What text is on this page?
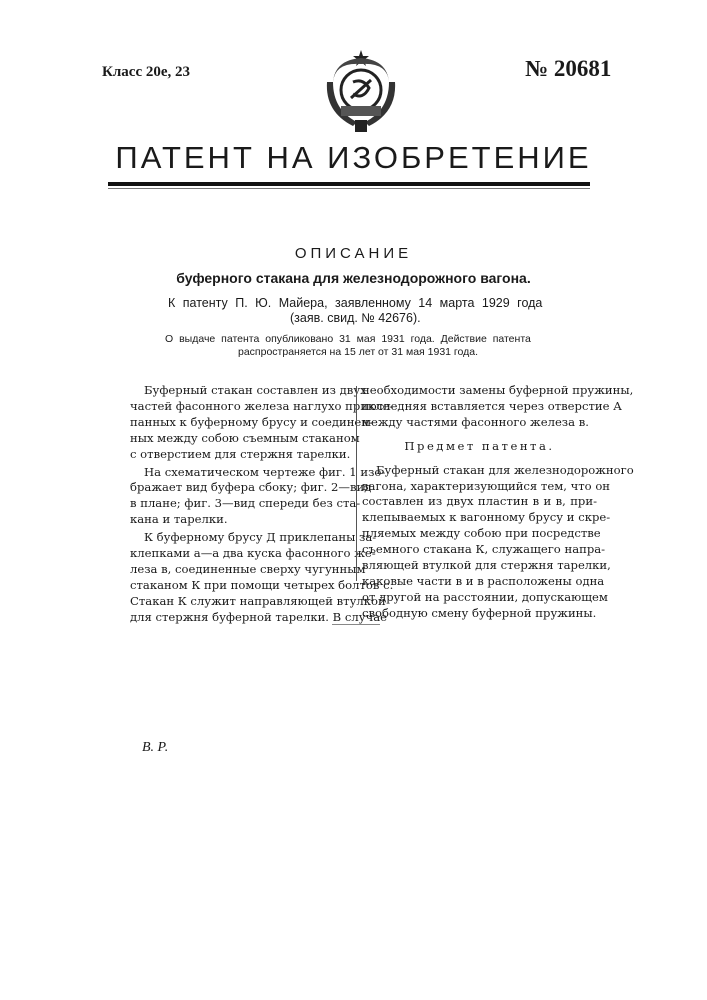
Класс 20е, 23	№ 20681
ПАТЕНТ НА ИЗОБРЕТЕНИЕ
ОПИСАНИЕ
буферного стакана для железнодорожного вагона.
К патенту П. Ю. Майера, заявленному 14 марта 1929 года
(заяв. свид. № 42676).
О выдаче патента опубликовано 31 мая 1931 года. Действие патента
распространяется на 15 лет от 31 мая 1931 года.
Буферный стакан составлен из двух
частей фасонного железа наглухо прикле-
панных к буферному брусу и соединен-
ных между собою съемным стаканом
с отверстием для стержня тарелки.
На схематическом чертеже фиг. 1 изо-
бражает вид буфера сбоку; фиг. 2—вид
в плане; фиг. 3—вид спереди без ста-
кана и тарелки.
К буферному брусу Д приклепаны за-
клепками a—a два куска фасонного же-
леза в, соединенные сверху чугунным
стаканом К при помощи четырех болтов с.
Стакан К служит направляющей втулкой
для стержня буферной тарелки. В случае
необходимости замены буферной пружины,
последняя вставляется через отверстие А
между частями фасонного железа в.
Предмет патента.
Буферный стакан для железнодорожного
вагона, характеризующийся тем, что он
составлен из двух пластин в и в, при-
клепываемых к вагонному брусу и скре-
пляемых между собою при посредстве
съемного стакана К, служащего напра-
вляющей втулкой для стержня тарелки,
каковые части в и в расположены одна
от другой на расстоянии, допускающем
свободную смену буферной пружины.
В. Р.
